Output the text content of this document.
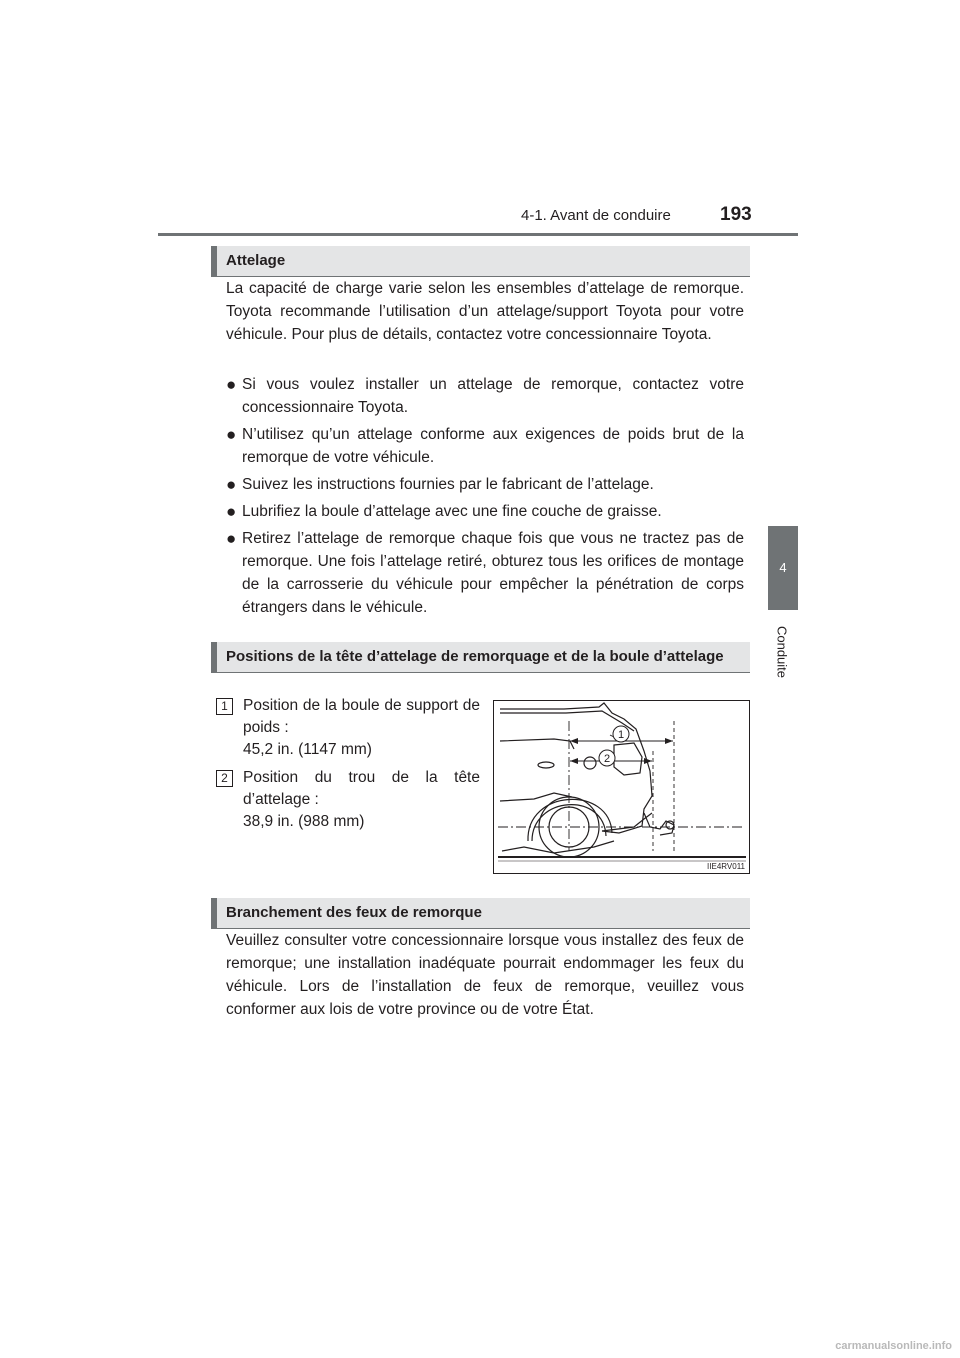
4-1. Avant de conduire	193
4
Conduite
Attelage
La capacité de charge varie selon les ensembles d’attelage de remorque. Toyota recommande l’utilisation d’un attelage/support Toyota pour votre véhicule. Pour plus de détails, contactez votre concessionnaire Toyota.
● Si vous voulez installer un attelage de remorque, contactez votre concessionnaire Toyota.
● N’utilisez qu’un attelage conforme aux exigences de poids brut de la remorque de votre véhicule.
● Suivez les instructions fournies par le fabricant de l’attelage.
● Lubrifiez la boule d’attelage avec une fine couche de graisse.
● Retirez l’attelage de remorque chaque fois que vous ne tractez pas de remorque. Une fois l’attelage retiré, obturez tous les orifices de montage de la carrosserie du véhicule pour empêcher la pénétration de corps étrangers dans le véhicule.
Positions de la tête d’attelage de remorquage et de la boule d’attelage
1 Position de la boule de support de poids :
45,2 in. (1147 mm)
2 Position du trou de la tête d’attelage :
38,9 in. (988 mm)
1
2
IIE4RV011
Branchement des feux de remorque
Veuillez consulter votre concessionnaire lorsque vous installez des feux de remorque; une installation inadéquate pourrait endommager les feux du véhicule. Lors de l’installation de feux de remorque, veuillez vous conformer aux lois de votre province ou de votre État.
carmanualsonline.info
